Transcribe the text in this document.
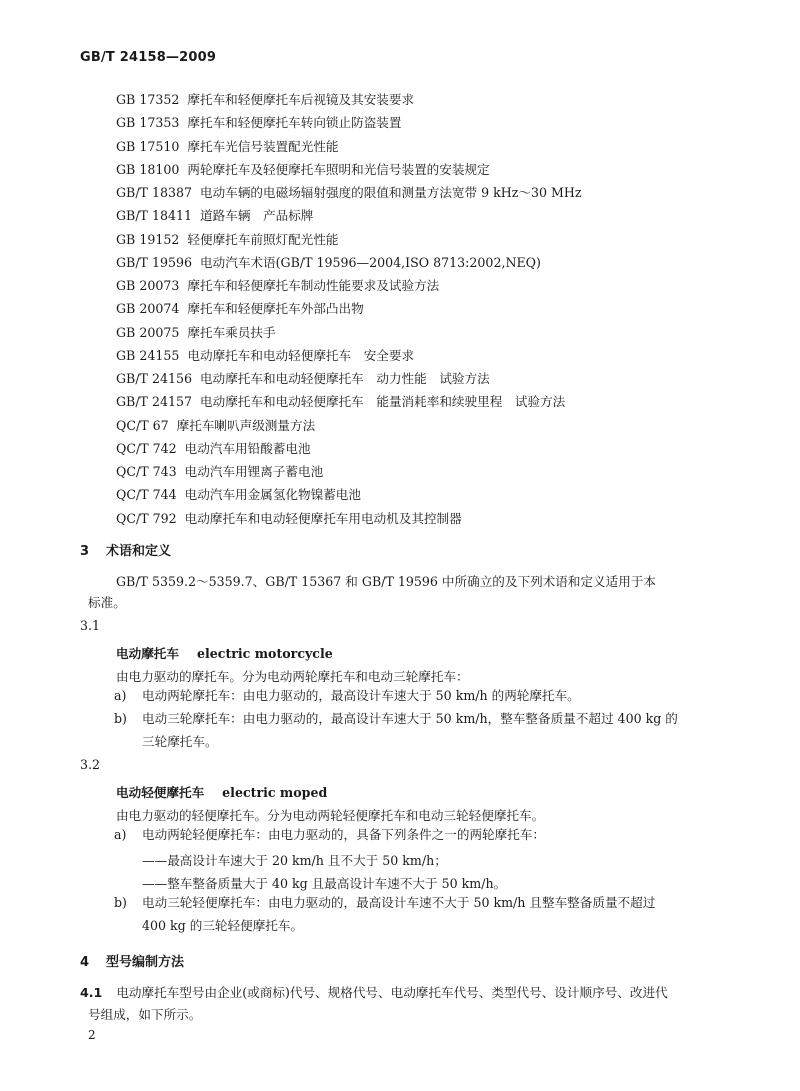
GB/T 24158—2009
GB 17352 摩托车和轻便摩托车后视镜及其安装要求
GB 17353 摩托车和轻便摩托车转向锁止防盗装置
GB 17510 摩托车光信号装置配光性能
GB 18100 两轮摩托车及轻便摩托车照明和光信号装置的安装规定
GB/T 18387 电动车辆的电磁场辐射强度的限值和测量方法宽带 9 kHz～30 MHz
GB/T 18411 道路车辆　产品标牌
GB 19152 轻便摩托车前照灯配光性能
GB/T 19596 电动汽车术语(GB/T 19596—2004,ISO 8713:2002,NEQ)
GB 20073 摩托车和轻便摩托车制动性能要求及试验方法
GB 20074 摩托车和轻便摩托车外部凸出物
GB 20075 摩托车乘员扶手
GB 24155 电动摩托车和电动轻便摩托车　安全要求
GB/T 24156 电动摩托车和电动轻便摩托车　动力性能　试验方法
GB/T 24157 电动摩托车和电动轻便摩托车　能量消耗率和续驶里程　试验方法
QC/T 67 摩托车喇叭声级测量方法
QC/T 742 电动汽车用铅酸蓄电池
QC/T 743 电动汽车用锂离子蓄电池
QC/T 744 电动汽车用金属氢化物镍蓄电池
QC/T 792 电动摩托车和电动轻便摩托车用电动机及其控制器
3 术语和定义
GB/T 5359.2～5359.7、GB/T 15367 和 GB/T 19596 中所确立的及下列术语和定义适用于本
标准。
3.1
电动摩托车 electric motorcycle
由电力驱动的摩托车。分为电动两轮摩托车和电动三轮摩托车：
a) 电动两轮摩托车：由电力驱动的，最高设计车速大于 50 km/h 的两轮摩托车。
b) 电动三轮摩托车：由电力驱动的，最高设计车速大于 50 km/h，整车整备质量不超过 400 kg 的
三轮摩托车。
3.2
电动轻便摩托车 electric moped
由电力驱动的轻便摩托车。分为电动两轮轻便摩托车和电动三轮轻便摩托车。
a) 电动两轮轻便摩托车：由电力驱动的，具备下列条件之一的两轮摩托车：
——最高设计车速大于 20 km/h 且不大于 50 km/h；
——整车整备质量大于 40 kg 且最高设计车速不大于 50 km/h。
b) 电动三轮轻便摩托车：由电力驱动的，最高设计车速不大于 50 km/h 且整车整备质量不超过
400 kg 的三轮轻便摩托车。
4 型号编制方法
4.1 电动摩托车型号由企业(或商标)代号、规格代号、电动摩托车代号、类型代号、设计顺序号、改进代
号组成，如下所示。
2
